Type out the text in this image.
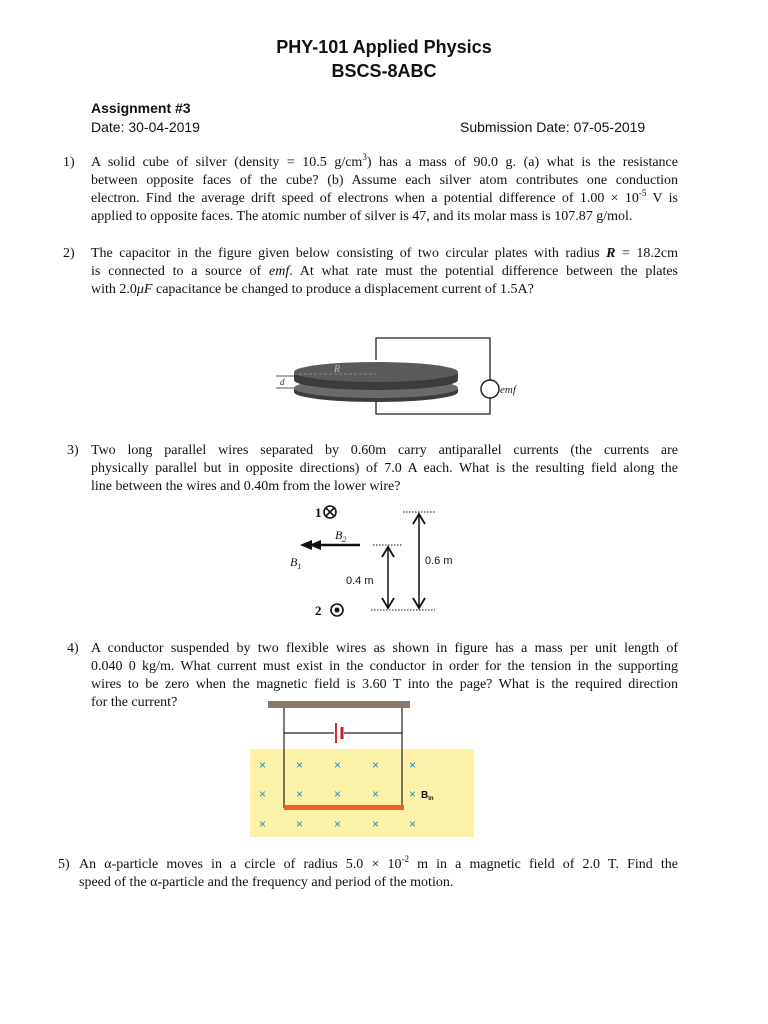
PHY-101 Applied Physics
BSCS-8ABC
Assignment #3
Date: 30-04-2019	Submission Date: 07-05-2019
1) A solid cube of silver (density = 10.5 $g/cm^3$) has a mass of 90.0 g. (a) what is the resistance
between opposite faces of the cube? (b) Assume each silver atom contributes one conduction
electron. Find the average drift speed of electrons when a potential difference of $1.00 \times 10^{-5}$ V is
applied to opposite faces. The atomic number of silver is 47, and its molar mass is 107.87 g/mol.
2) The capacitor in the figure given below consisting of two circular plates with radius R = 18.2cm
is connected to a source of emf. At what rate must the potential difference between the plates
with 2.0μF capacitance be changed to produce a displacement current of 1.5A?
R
d
emf
3) Two long parallel wires separated by 0.60m carry antiparallel currents (the currents are
physically parallel but in opposite directions) of 7.0 A each. What is the resulting field along the
line between the wires and 0.40m from the lower wire?
1
2
$B_2$
$B_1$	0.6 m
0.4 m
4) A conductor suspended by two flexible wires as shown in figure has a mass per unit length of
0.040 0 kg/m. What current must exist in the conductor in order for the tension in the supporting
wires to be zero when the magnetic field is 3.60 T into the page? What is the required direction
for the current?
× ×	×	× ×
× ×	×	× ×
× ×	×	× ×
$B_{in}$
5) An α-particle moves in a circle of radius $5.0 \times 10^{-2}$ m in a magnetic field of 2.0 T. Find the
speed of the α-particle and the frequency and period of the motion.
